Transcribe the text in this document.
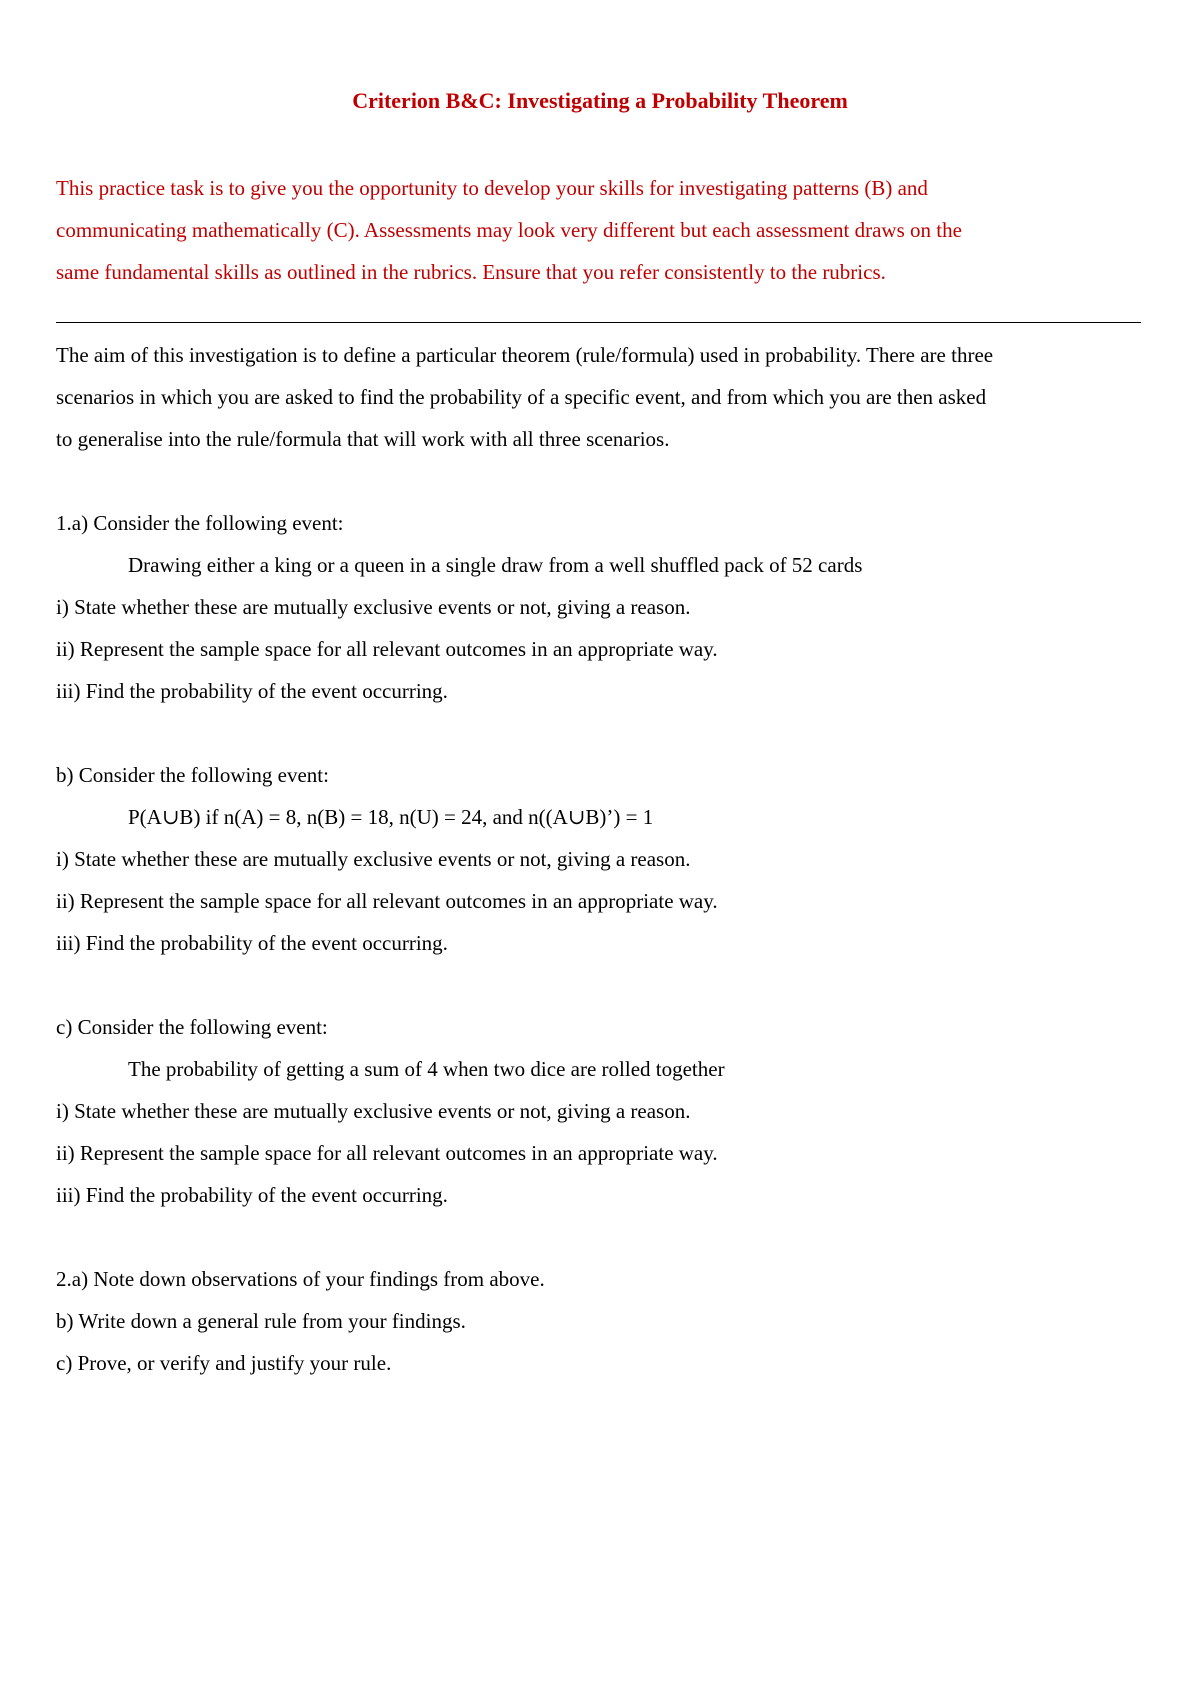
Criterion B&C: Investigating a Probability Theorem

This practice task is to give you the opportunity to develop your skills for investigating patterns (B) and
communicating mathematically (C). Assessments may look very different but each assessment draws on the
same fundamental skills as outlined in the rubrics. Ensure that you refer consistently to the rubrics.

The aim of this investigation is to define a particular theorem (rule/formula) used in probability. There are three
scenarios in which you are asked to find the probability of a specific event, and from which you are then asked
to generalise into the rule/formula that will work with all three scenarios.

1.a) Consider the following event:
Drawing either a king or a queen in a single draw from a well shuffled pack of 52 cards
i) State whether these are mutually exclusive events or not, giving a reason.
ii) Represent the sample space for all relevant outcomes in an appropriate way.
iii) Find the probability of the event occurring.
b) Consider the following event:
P(A∪B) if n(A) = 8, n(B) = 18, n(U) = 24, and n((A∪B)’) = 1
i) State whether these are mutually exclusive events or not, giving a reason.
ii) Represent the sample space for all relevant outcomes in an appropriate way.
iii) Find the probability of the event occurring.
c) Consider the following event:
The probability of getting a sum of 4 when two dice are rolled together
i) State whether these are mutually exclusive events or not, giving a reason.
ii) Represent the sample space for all relevant outcomes in an appropriate way.
iii) Find the probability of the event occurring.
2.a) Note down observations of your findings from above.
b) Write down a general rule from your findings.
c) Prove, or verify and justify your rule.
